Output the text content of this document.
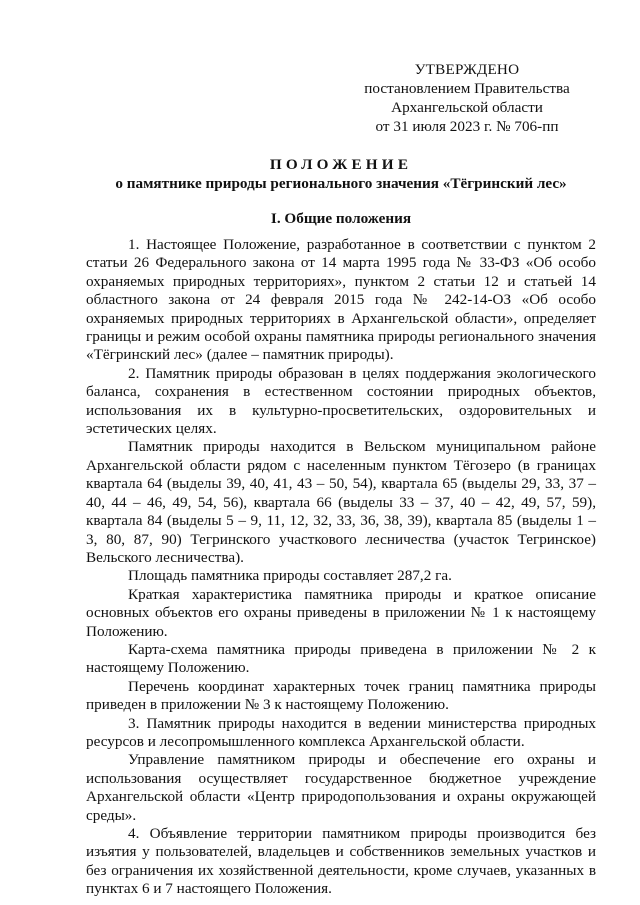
УТВЕРЖДЕНО
постановлением Правительства
Архангельской области
от 31 июля 2023 г. № 706-пп
ПОЛОЖЕНИЕ
о памятнике природы регионального значения «Тёгринский лес»
I. Общие положения

1. Настоящее Положение, разработанное в соответствии с пунктом 2 статьи 26 Федерального закона от 14 марта 1995 года № 33-ФЗ «Об особо охраняемых природных территориях», пунктом 2 статьи 12 и статьей 14 областного закона от 24 февраля 2015 года № 242-14-ОЗ «Об особо охраняемых природных территориях в Архангельской области», определяет границы и режим особой охраны памятника природы регионального значения «Тёгринский лес» (далее – памятник природы).

2. Памятник природы образован в целях поддержания экологического баланса, сохранения в естественном состоянии природных объектов, использования их в культурно-просветительских, оздоровительных и эстетических целях.

Памятник природы находится в Вельском муниципальном районе Архангельской области рядом с населенным пунктом Тёгозеро (в границах квартала 64 (выделы 39, 40, 41, 43 – 50, 54), квартала 65 (выделы 29, 33, 37 – 40, 44 – 46, 49, 54, 56), квартала 66 (выделы 33 – 37, 40 – 42, 49, 57, 59), квартала 84 (выделы 5 – 9, 11, 12, 32, 33, 36, 38, 39), квартала 85 (выделы 1 – 3, 80, 87, 90) Тегринского участкового лесничества (участок Тегринское) Вельского лесничества).

Площадь памятника природы составляет 287,2 га.

Краткая характеристика памятника природы и краткое описание основных объектов его охраны приведены в приложении № 1 к настоящему Положению.

Карта-схема памятника природы приведена в приложении № 2 к настоящему Положению.

Перечень координат характерных точек границ памятника природы приведен в приложении № 3 к настоящему Положению.

3. Памятник природы находится в ведении министерства природных ресурсов и лесопромышленного комплекса Архангельской области.

Управление памятником природы и обеспечение его охраны и использования осуществляет государственное бюджетное учреждение Архангельской области «Центр природопользования и охраны окружающей среды».

4. Объявление территории памятником природы производится без изъятия у пользователей, владельцев и собственников земельных участков и без ограничения их хозяйственной деятельности, кроме случаев, указанных в пунктах 6 и 7 настоящего Положения.
